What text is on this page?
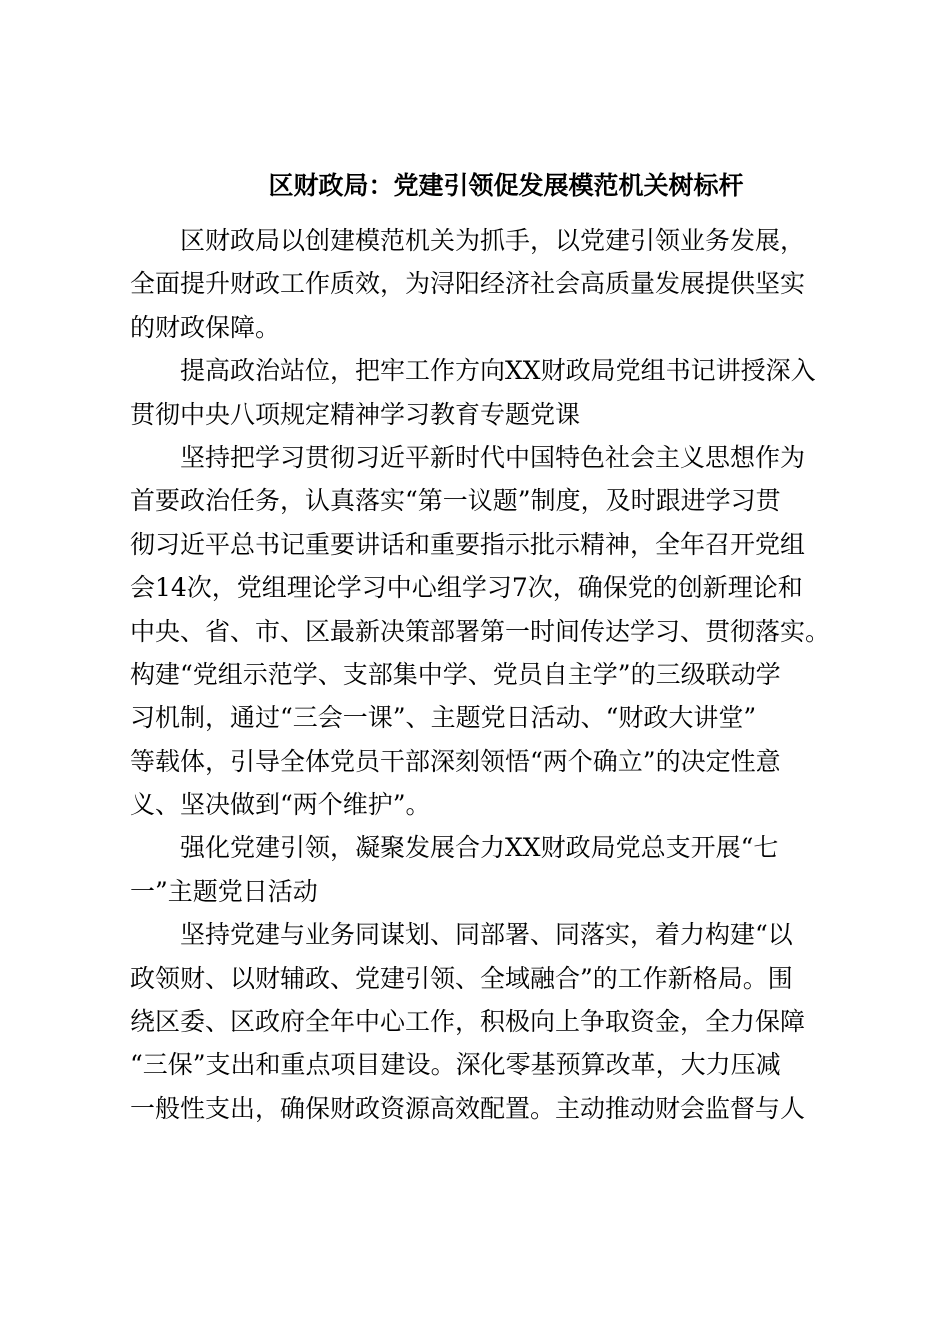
区财政局：党建引领促发展模范机关树标杆

区财政局以创建模范机关为抓手，以党建引领业务发展，
全面提升财政工作质效，为浔阳经济社会高质量发展提供坚实
的财政保障。

提高政治站位，把牢工作方向XX财政局党组书记讲授深入
贯彻中央八项规定精神学习教育专题党课

坚持把学习贯彻习近平新时代中国特色社会主义思想作为
首要政治任务，认真落实“第一议题”制度，及时跟进学习贯
彻习近平总书记重要讲话和重要指示批示精神，全年召开党组
会14次，党组理论学习中心组学习7次，确保党的创新理论和
中央、省、市、区最新决策部署第一时间传达学习、贯彻落实。
构建“党组示范学、支部集中学、党员自主学”的三级联动学
习机制，通过“三会一课”、主题党日活动、“财政大讲堂”
等载体，引导全体党员干部深刻领悟“两个确立”的决定性意
义、坚决做到“两个维护”。

强化党建引领，凝聚发展合力XX财政局党总支开展“七
一”主题党日活动

坚持党建与业务同谋划、同部署、同落实，着力构建“以
政领财、以财辅政、党建引领、全域融合”的工作新格局。围
绕区委、区政府全年中心工作，积极向上争取资金，全力保障
“三保”支出和重点项目建设。深化零基预算改革，大力压减
一般性支出，确保财政资源高效配置。主动推动财会监督与人
